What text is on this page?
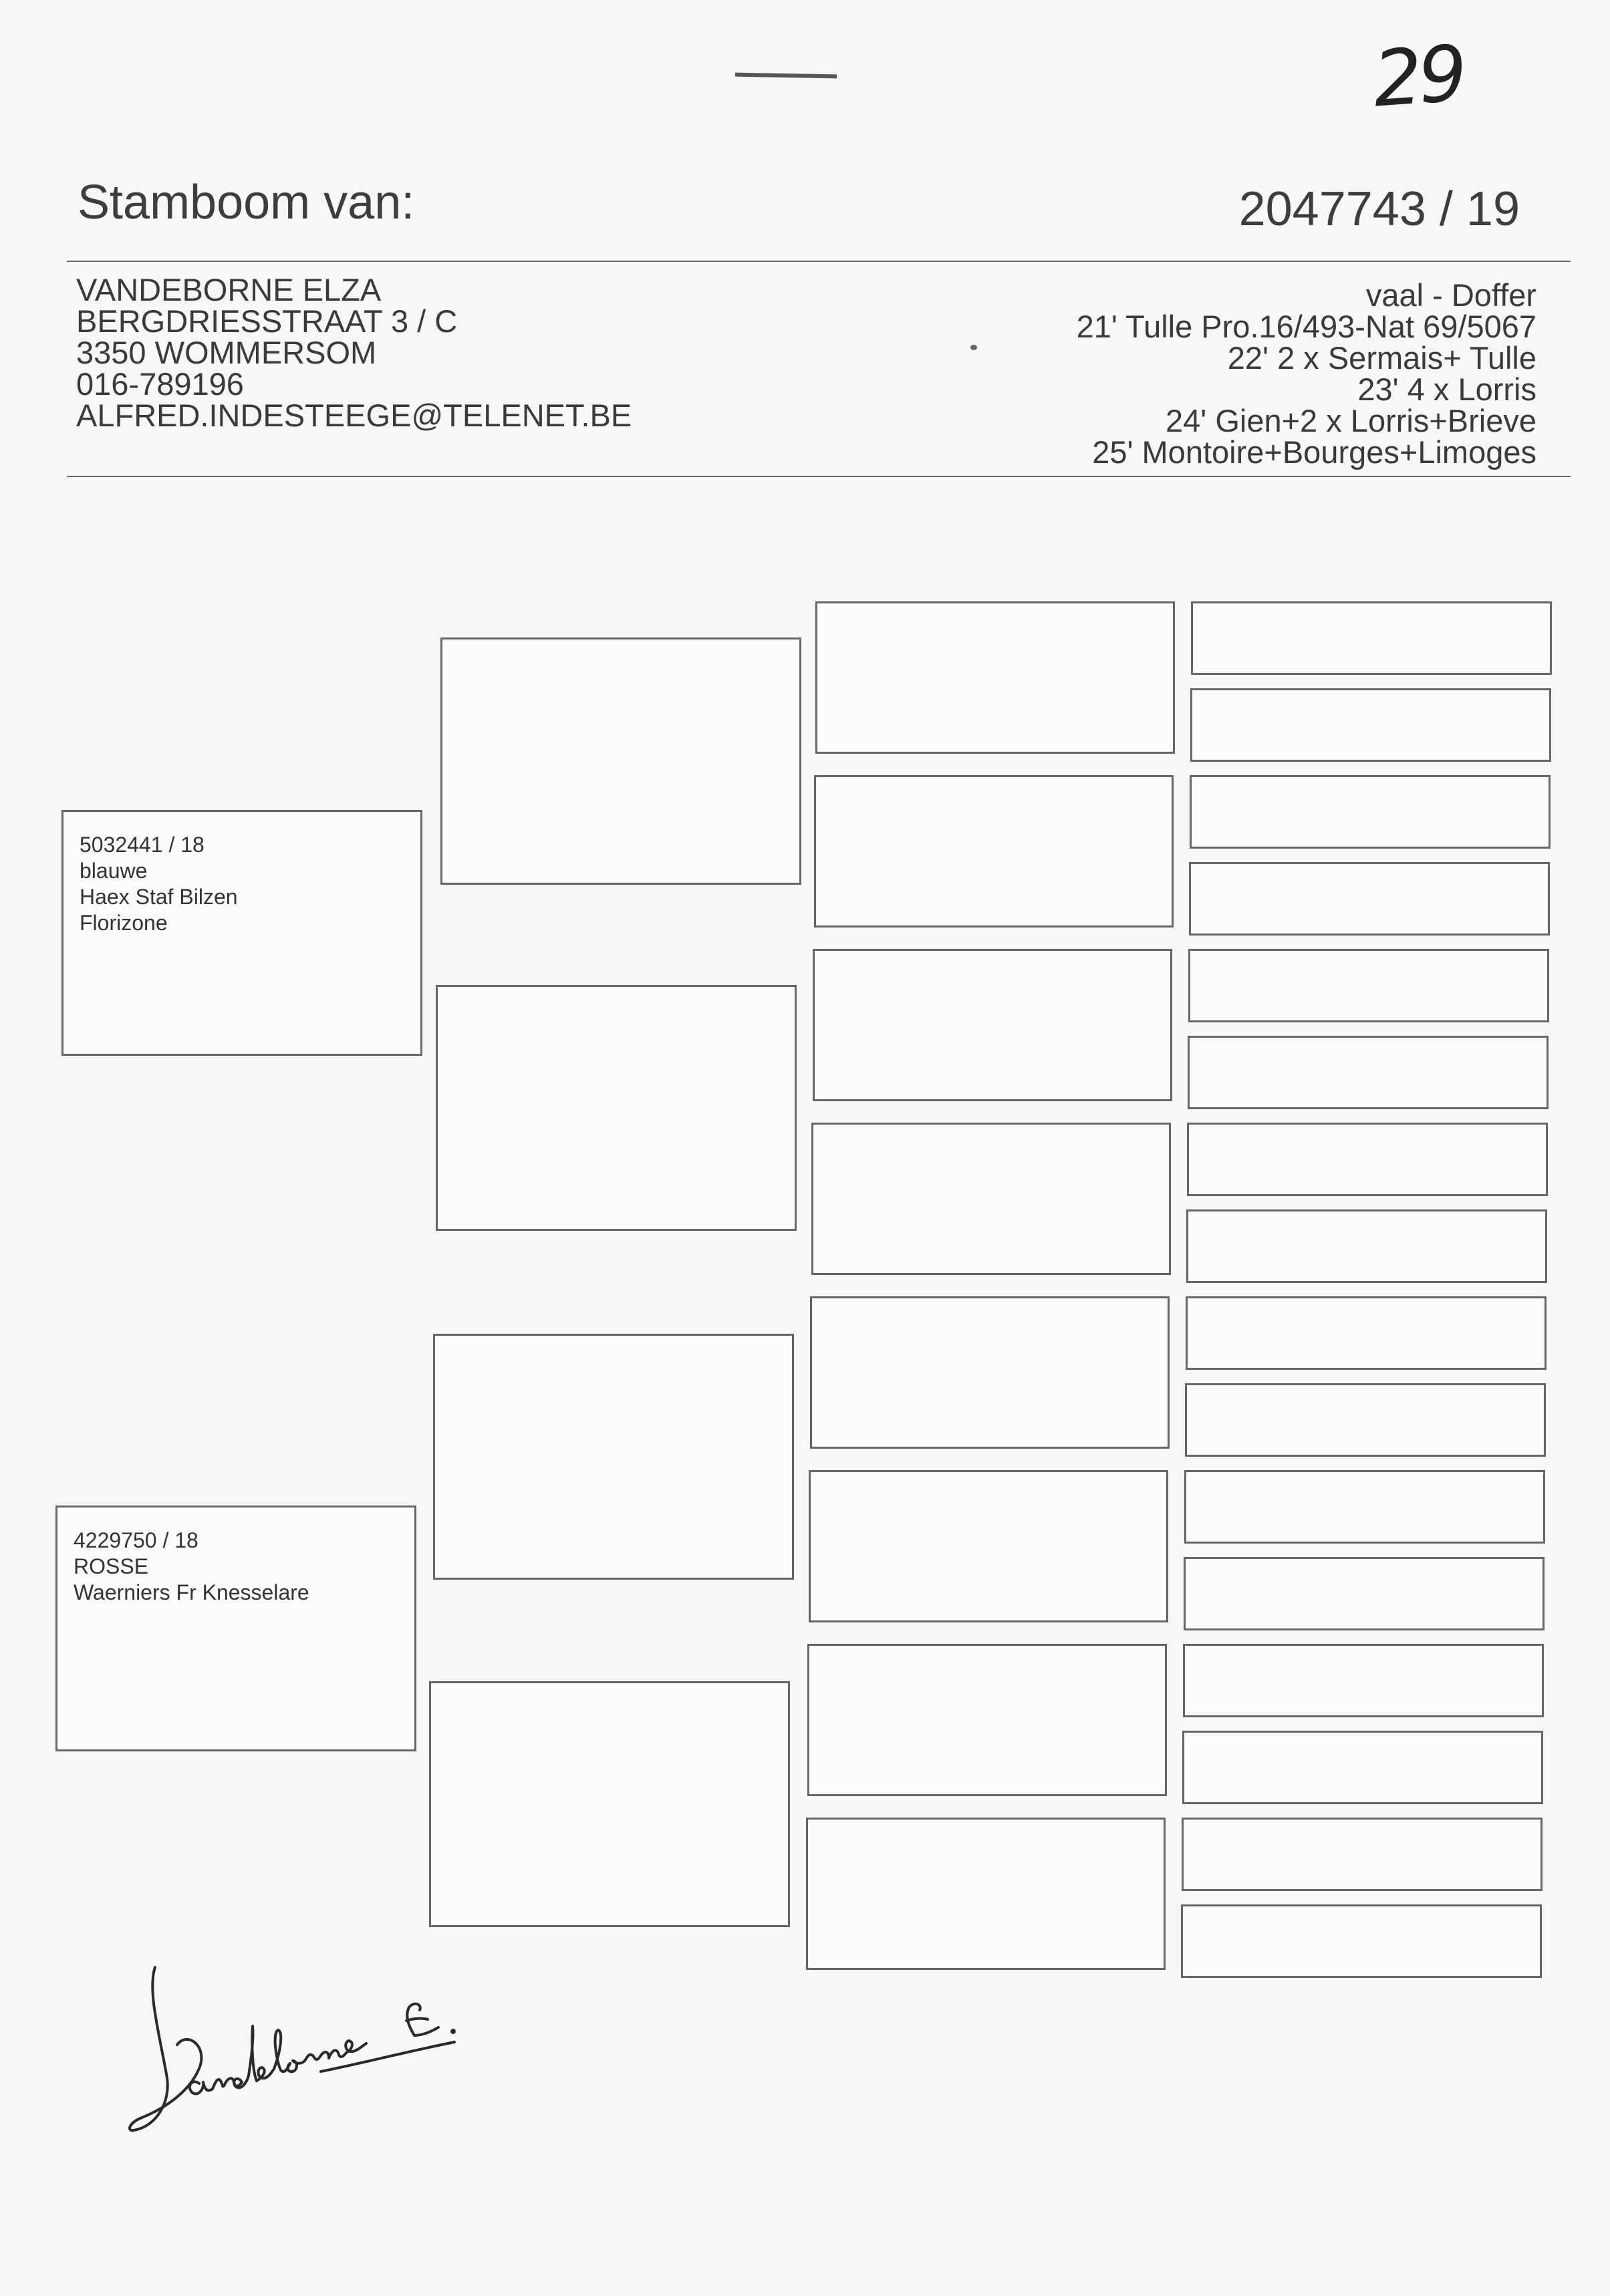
29
Stamboom van:	2047743 / 19
VANDEBORNE ELZA
BERGDRIESSTRAAT 3 / C
3350 WOMMERSOM
016-789196
ALFRED.INDESTEEGE@TELENET.BE
vaal - Doffer
21' Tulle Pro.16/493-Nat 69/5067
22' 2 x Sermais+ Tulle
23' 4 x Lorris
24' Gien+2 x Lorris+Brieve
25' Montoire+Bourges+Limoges
5032441 / 18
blauwe
Haex Staf Bilzen
Florizone
4229750 / 18
ROSSE
Waerniers Fr Knesselare
